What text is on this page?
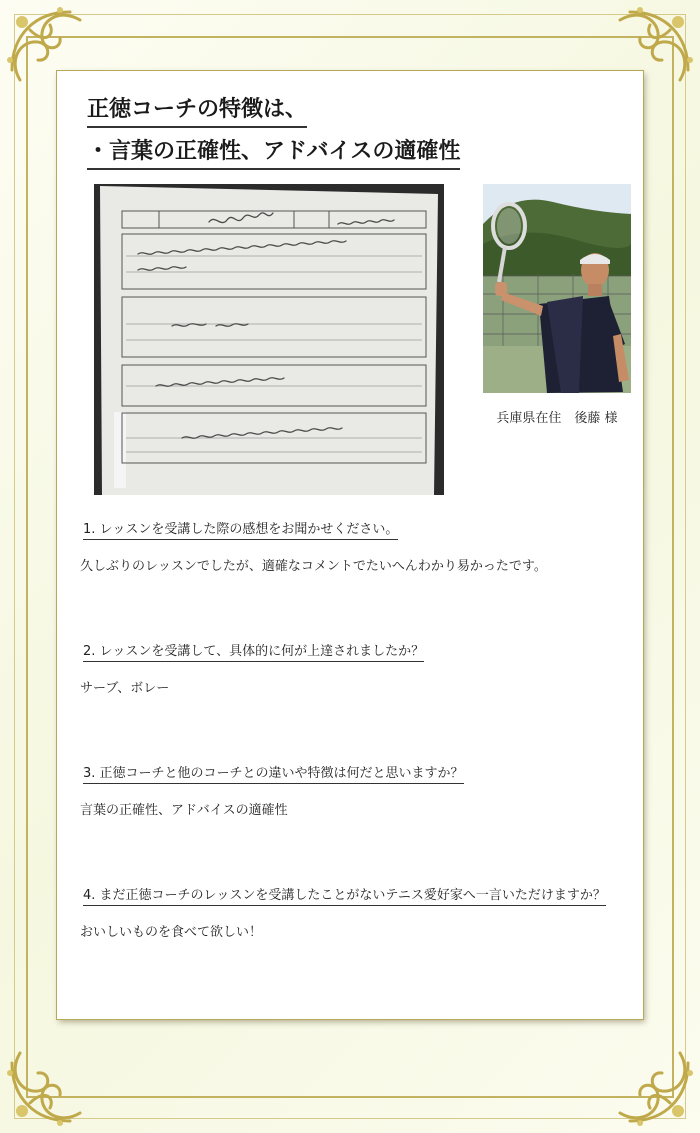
正徳コーチの特徴は、
・言葉の正確性、アドバイスの適確性
兵庫県在住　後藤 様
1. レッスンを受講した際の感想をお聞かせください。
久しぶりのレッスンでしたが、適確なコメントでたいへんわかり易かったです。
2. レッスンを受講して、具体的に何が上達されましたか？
サーブ、ボレー
3. 正徳コーチと他のコーチとの違いや特徴は何だと思いますか？
言葉の正確性、アドバイスの適確性
4. まだ正徳コーチのレッスンを受講したことがないテニス愛好家へ一言いただけますか？
おいしいものを食べて欲しい！
